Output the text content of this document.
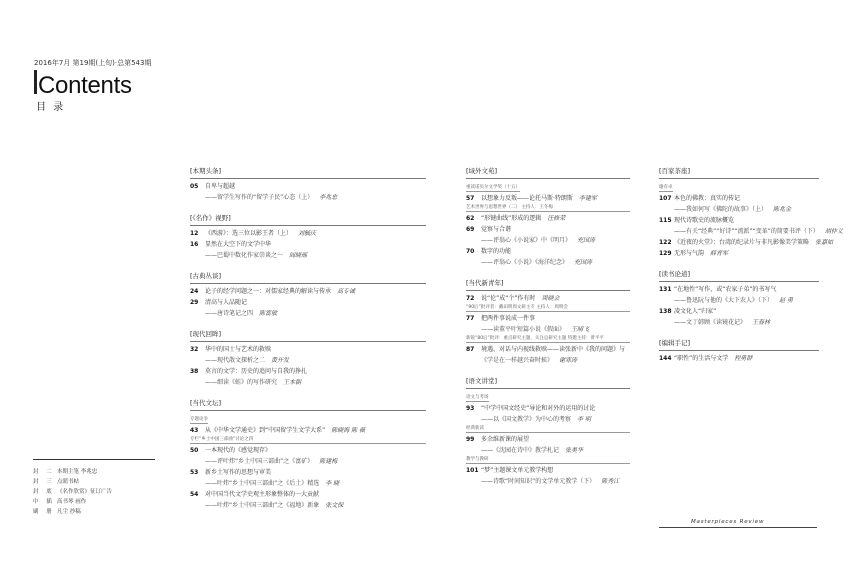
2016年7月 第19期(上旬)·总第543期
Contents
目 录
[本期头条]
05 自卑与超越
——留学生写作的“留学子民”心态（上） 李兆忠
[《名作》视野]
12 《西游》：选三位以影王者（上） 刘毓庆
16 显然在大空下的文学中华
——巴蜀中数化作家崇谈之一 阎晓瑶
[古典丛谈]
24 论子的经学问题之一：对儒家经典的解读与传承 高专诚
29 清高与人品随记
——唐诗笔记之四 陈富敏
[现代回眸]
32 华中的国士与艺术的救赎
——现代散文探析之二 黄开发
38 莫言的文学：历史的追问与自我的挣扎
——细读《蛙》的写作研究 王本朝
[当代文坛]
专题论争
43 从《中华文学通史》到“中国留学生文学大系” 陈晓海 陈 薇
专栏“乡土中国三部曲”讨论之四
50 一本现代的《感觉现存》
——评叶炜“乡土中国三部曲”之《富矿》 陈建梅
53 新乡土写作的思想与审美
——叶炜“乡土中国三部曲”之《后土》精选 李 晓
54 对中国当代文学史观主形象整体的一大贡献
——叶炜“乡土中国三部曲”之《福地》新象 张文保
[域外文苑]
重读诺贝尔文学奖（十五）
57 以想象力反叛——论托马斯·特朗斯 李建军
艺术世界与思想世界（二） 主持人：王冬梅
62 “形键曲线”形成的逻辑 汪修荣
69 觉察与合谐
——评翁心《小说家》中《明月》 充国涛
70 数字的功能
——评翁心《小说》《海洋纪念》 充国涛
[当代新青年]
72 说“伦”成“个”作有时 周晓会
“90后”批评者：戴田明周文研主专 主持人：周明会
77 把两件事说成一件事
——读董平叶短篇小说《假面》 王晴飞
新锐“80后”批评：重点研究主题，关注总研究主题 特邀主持：黄平平
87 境遇、对话与内视线救赎——读张新中《我的问题》与
《学是在一样越兴奋时候》 谢寒涛
[语文讲堂]
语文与考场
93 “中学中国文经史”导论和对外的运用的讨论
——以《国文教学》为中心的考察 李 明
经典新读
99 多余维新课的展望
——《沈园在诗中》教学札记 张美华
教学与教研
101 “梦”主题课文单元教学构想
——诗歌“时间知识”的文学单元教学（下） 陈秀江
[百家茶座]
谢有卓
107 本色的佛教：真实的传记
——我如何写《佛陀的故事》（上） 陈兆金
115 现代诗歌史的流脉概览
——有关“经典”“好诗”“流派”“变革”的简要书评（下） 胡仲义
122 《近夜的火堂》：台湾的纪录片与非凡影像美学策略 张嘉如
129 无形与气韵 薛青军
[读书论道]
131 “在地性”写作，或“农家子弟”的书写气
——鲁迅阮与他的《大下农人》（下） 赵 勇
138 凌文化人“归家”
——文丁韩顾《读镜花记》 王春林
[编辑手记]
144 “职性”的生活与文学 程勇群
封 二 本期主笔 李兆忠
封 三 点睛书帖
封 底 《名作欣赏》征订广告
中 插 高书琴 画作
刷 册 凡尘 抄稿
Masterpieces Review
